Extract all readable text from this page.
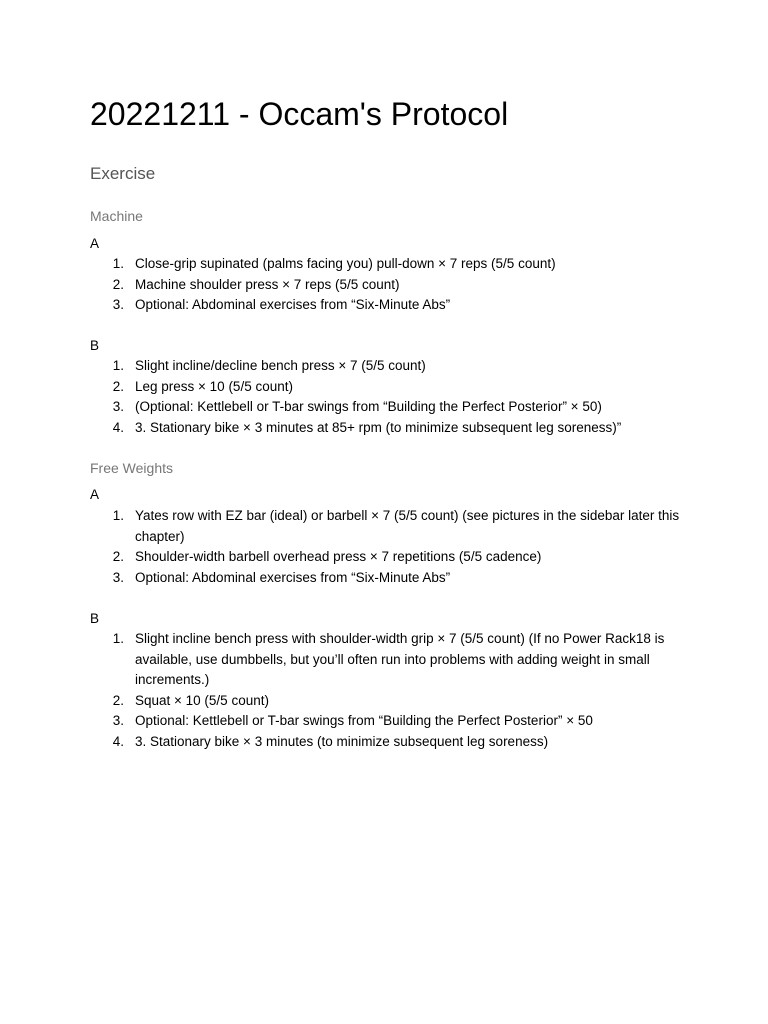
20221211 - Occam's Protocol
Exercise
Machine

A

1. Close-grip supinated (palms facing you) pull-down × 7 reps (5/5 count)
2. Machine shoulder press × 7 reps (5/5 count)
3. Optional: Abdominal exercises from “Six-Minute Abs”

B

1. Slight incline/decline bench press × 7 (5/5 count)
2. Leg press × 10 (5/5 count)
3. (Optional: Kettlebell or T-bar swings from “Building the Perfect Posterior” × 50)
4. 3. Stationary bike × 3 minutes at 85+ rpm (to minimize subsequent leg soreness)”
Free Weights

A

1. Yates row with EZ bar (ideal) or barbell × 7 (5/5 count) (see pictures in the sidebar later this chapter)
2. Shoulder-width barbell overhead press × 7 repetitions (5/5 cadence)
3. Optional: Abdominal exercises from “Six-Minute Abs”

B

1. Slight incline bench press with shoulder-width grip × 7 (5/5 count) (If no Power Rack18 is available, use dumbbells, but you’ll often run into problems with adding weight in small increments.)
2. Squat × 10 (5/5 count)
3. Optional: Kettlebell or T-bar swings from “Building the Perfect Posterior” × 50
4. 3. Stationary bike × 3 minutes (to minimize subsequent leg soreness)
